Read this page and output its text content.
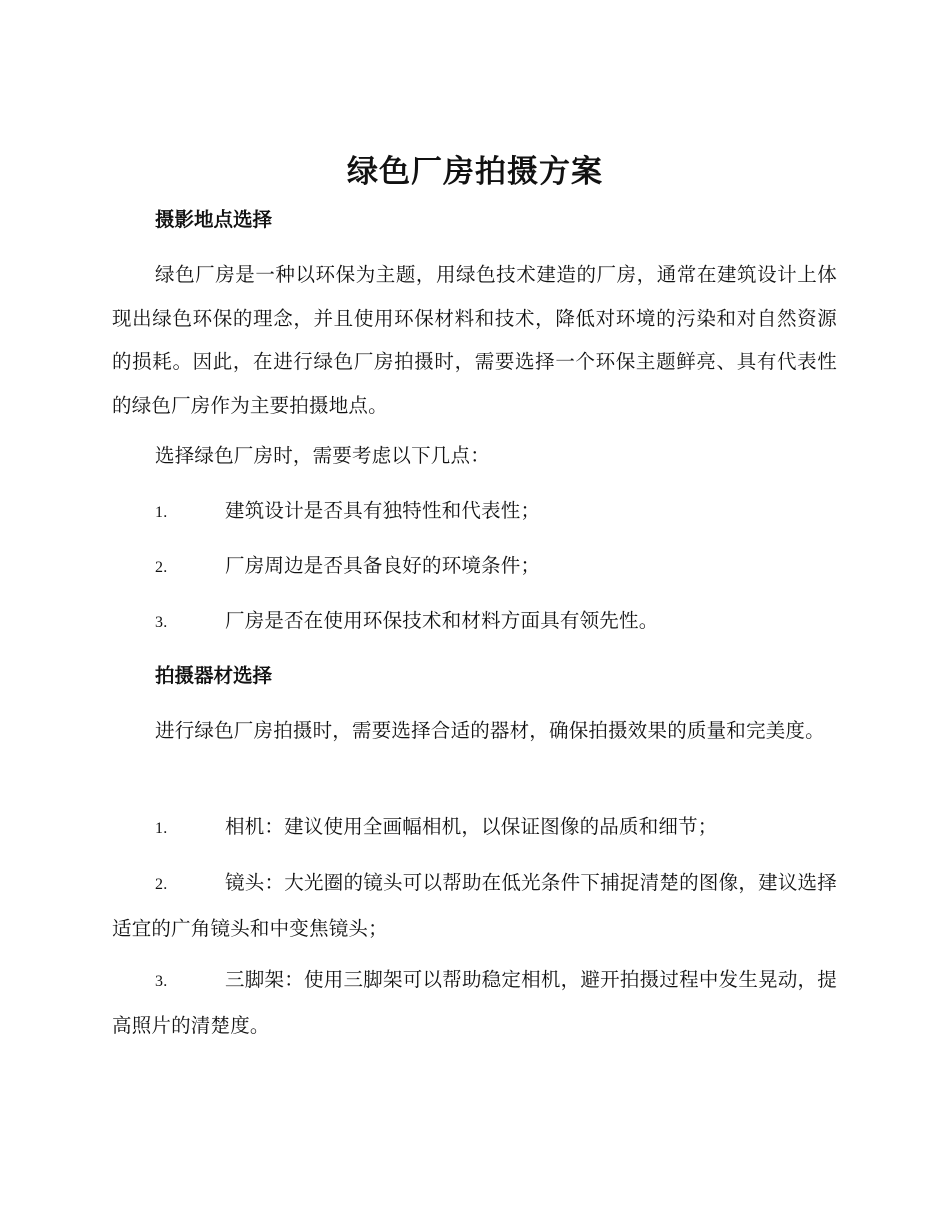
绿色厂房拍摄方案
摄影地点选择

绿色厂房是一种以环保为主题，用绿色技术建造的厂房，通常在建筑设计上体现出绿色环保的理念，并且使用环保材料和技术，降低对环境的污染和对自然资源的损耗。因此，在进行绿色厂房拍摄时，需要选择一个环保主题鲜亮、具有代表性的绿色厂房作为主要拍摄地点。

选择绿色厂房时，需要考虑以下几点：

1.	建筑设计是否具有独特性和代表性；

2.	厂房周边是否具备良好的环境条件；

3.	厂房是否在使用环保技术和材料方面具有领先性。

拍摄器材选择

进行绿色厂房拍摄时，需要选择合适的器材，确保拍摄效果的质量和完美度。

1.	相机：建议使用全画幅相机，以保证图像的品质和细节；

2.	镜头：大光圈的镜头可以帮助在低光条件下捕捉清楚的图像，建议选择适宜的广角镜头和中变焦镜头；

3.	三脚架：使用三脚架可以帮助稳定相机，避开拍摄过程中发生晃动，提高照片的清楚度。
